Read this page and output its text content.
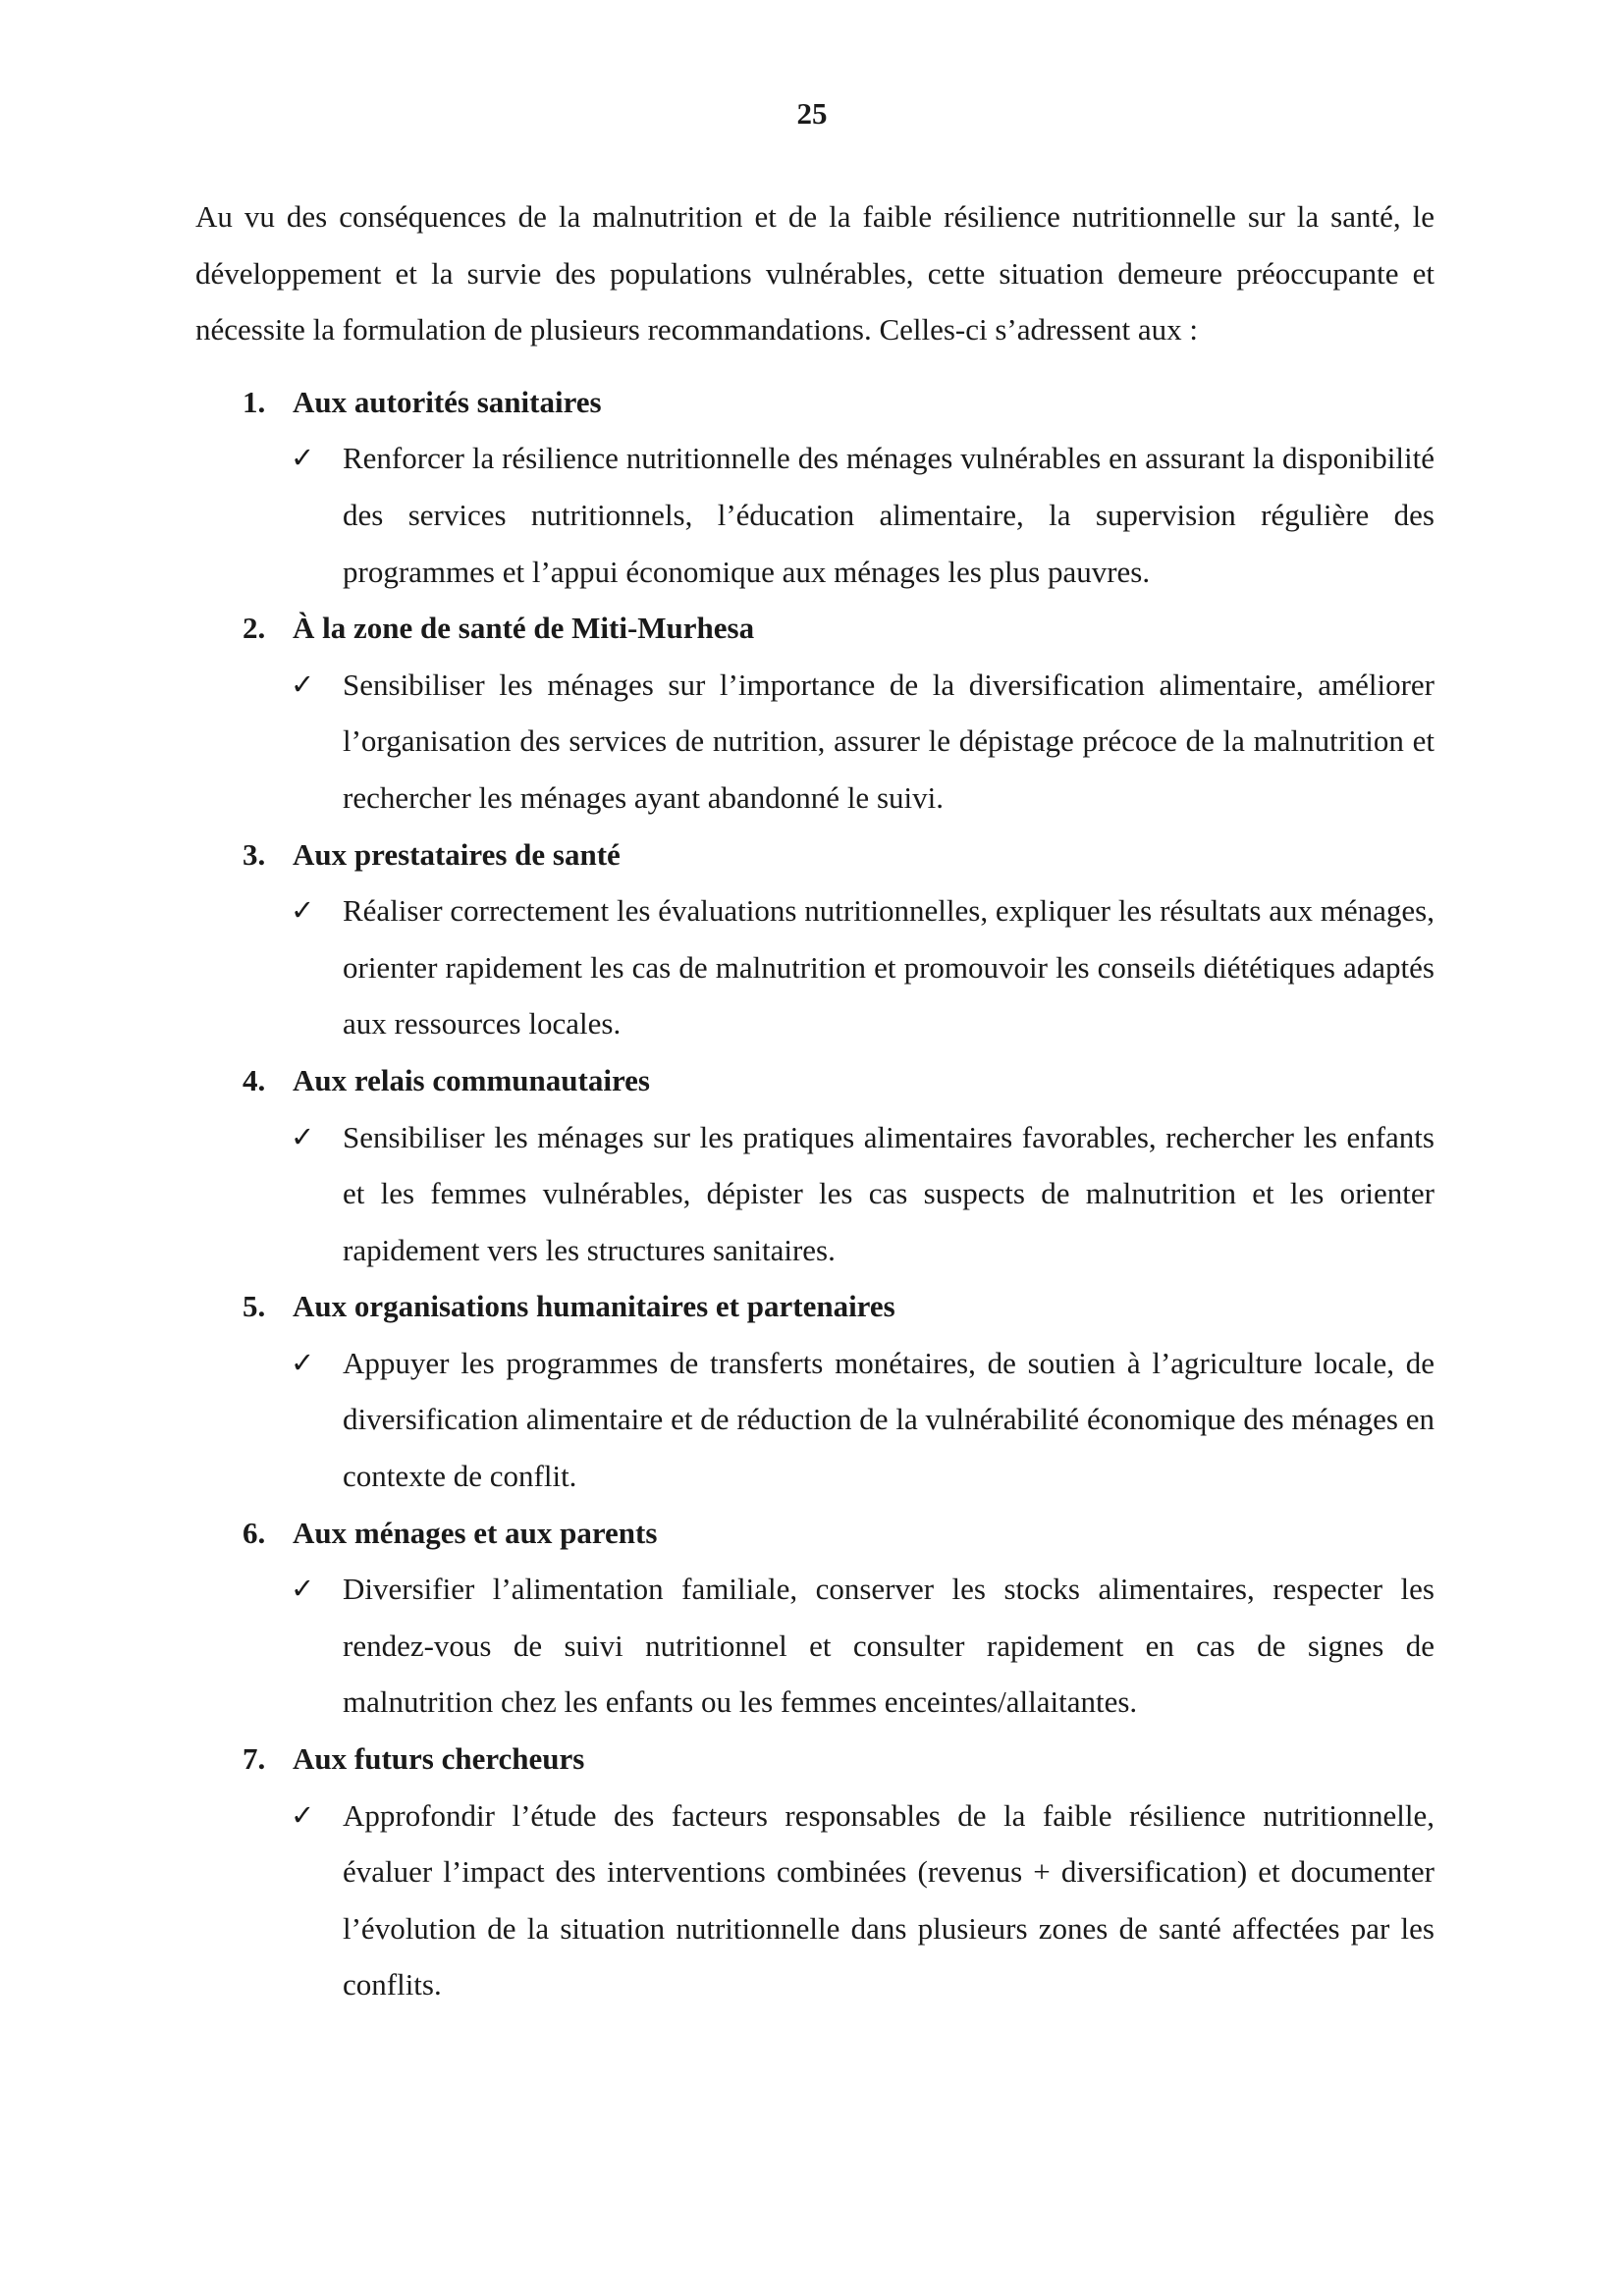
25

Au vu des conséquences de la malnutrition et de la faible résilience nutritionnelle sur la santé, le développement et la survie des populations vulnérables, cette situation demeure préoccupante et nécessite la formulation de plusieurs recommandations. Celles-ci s’adressent aux :

1. Aux autorités sanitaires
✓ Renforcer la résilience nutritionnelle des ménages vulnérables en assurant la disponibilité des services nutritionnels, l’éducation alimentaire, la supervision régulière des programmes et l’appui économique aux ménages les plus pauvres.
2. À la zone de santé de Miti-Murhesa
✓ Sensibiliser les ménages sur l’importance de la diversification alimentaire, améliorer l’organisation des services de nutrition, assurer le dépistage précoce de la malnutrition et rechercher les ménages ayant abandonné le suivi.
3. Aux prestataires de santé
✓ Réaliser correctement les évaluations nutritionnelles, expliquer les résultats aux ménages, orienter rapidement les cas de malnutrition et promouvoir les conseils diététiques adaptés aux ressources locales.
4. Aux relais communautaires
✓ Sensibiliser les ménages sur les pratiques alimentaires favorables, rechercher les enfants et les femmes vulnérables, dépister les cas suspects de malnutrition et les orienter rapidement vers les structures sanitaires.
5. Aux organisations humanitaires et partenaires
✓ Appuyer les programmes de transferts monétaires, de soutien à l’agriculture locale, de diversification alimentaire et de réduction de la vulnérabilité économique des ménages en contexte de conflit.
6. Aux ménages et aux parents
✓ Diversifier l’alimentation familiale, conserver les stocks alimentaires, respecter les rendez-vous de suivi nutritionnel et consulter rapidement en cas de signes de malnutrition chez les enfants ou les femmes enceintes/allaitantes.
7. Aux futurs chercheurs
✓ Approfondir l’étude des facteurs responsables de la faible résilience nutritionnelle, évaluer l’impact des interventions combinées (revenus + diversification) et documenter l’évolution de la situation nutritionnelle dans plusieurs zones de santé affectées par les conflits.
